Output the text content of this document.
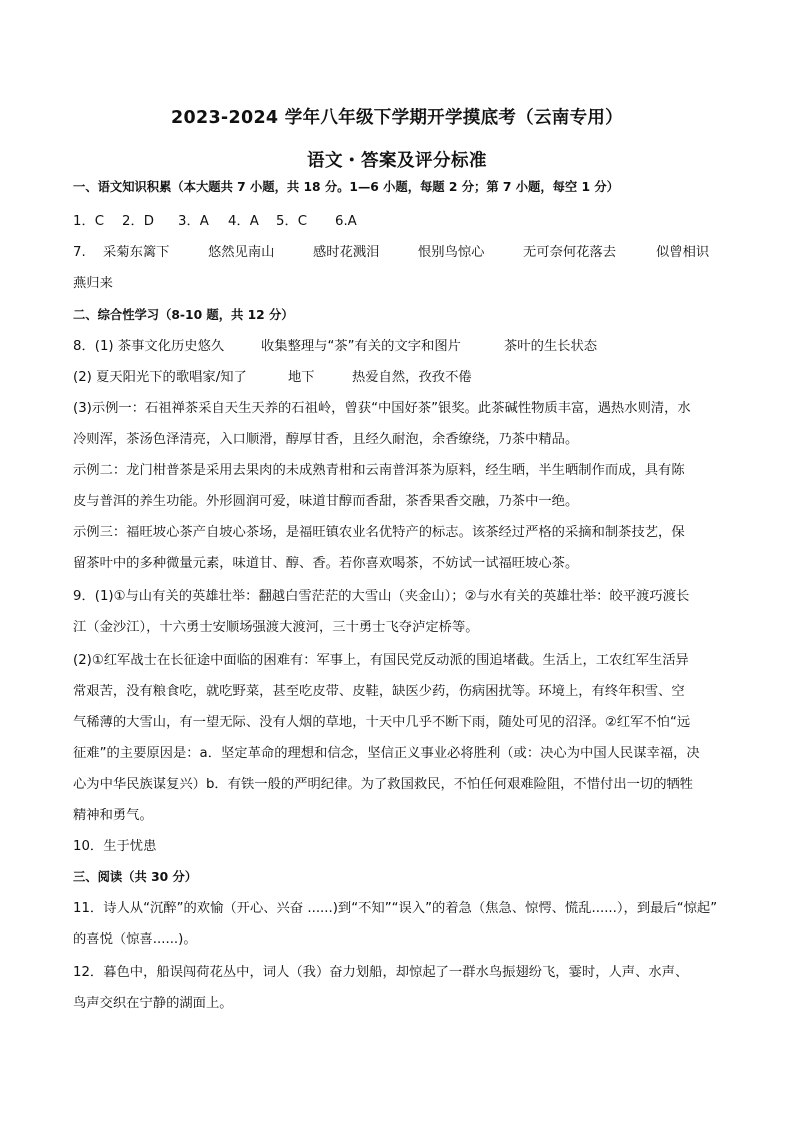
2023-2024 学年八年级下学期开学摸底考（云南专用）
语文・答案及评分标准
一、语文知识积累（本大题共 7 小题，共 18 分。1—6 小题，每题 2 分；第 7 小题，每空 1 分）
1．C 2．D 3．A 4．A 5．C 6.A
7. 采菊东篱下	悠然见南山	感时花溅泪	恨别鸟惊心	无可奈何花落去	似曾相识
燕归来
二、综合性学习（8-10 题，共 12 分）
8．(1) 茶事文化历史悠久	收集整理与“茶”有关的文字和图片	茶叶的生长状态
(2) 夏天阳光下的歌唱家/知了	地下	热爱自然，孜孜不倦
(3)示例一：石祖禅茶采自天生天养的石祖岭，曾获“中国好茶”银奖。此茶碱性物质丰富，遇热水则清，水
冷则浑，茶汤色泽清亮，入口顺滑，醇厚甘香，且经久耐泡，余香缭绕，乃茶中精品。
示例二：龙门柑普茶是采用去果肉的未成熟青柑和云南普洱茶为原料，经生晒，半生晒制作而成，具有陈
皮与普洱的养生功能。外形圆润可爱，味道甘醇而香甜，茶香果香交融，乃茶中一绝。
示例三：福旺坡心茶产自坡心茶场，是福旺镇农业名优特产的标志。该茶经过严格的采摘和制茶技艺，保
留茶叶中的多种微量元素，味道甘、醇、香。若你喜欢喝茶，不妨试一试福旺坡心茶。
9．(1)①与山有关的英雄壮举：翻越白雪茫茫的大雪山（夹金山）；②与水有关的英雄壮举：皎平渡巧渡长
江（金沙江），十六勇士安顺场强渡大渡河，三十勇士飞夺泸定桥等。
(2)①红军战士在长征途中面临的困难有：军事上，有国民党反动派的围追堵截。生活上，工农红军生活异
常艰苦，没有粮食吃，就吃野菜，甚至吃皮带、皮鞋，缺医少药，伤病困扰等。环境上，有终年积雪、空
气稀薄的大雪山，有一望无际、没有人烟的草地，十天中几乎不断下雨，随处可见的沼泽。②红军不怕“远
征难”的主要原因是：a．坚定革命的理想和信念，坚信正义事业必将胜利（或：决心为中国人民谋幸福，决
心为中华民族谋复兴）b．有铁一般的严明纪律。为了救国救民，不怕任何艰难险阻，不惜付出一切的牺牲
精神和勇气。
10．生于忧患
三、阅读（共 30 分）
11．诗人从“沉醉”的欢愉（开心、兴奋 ......)到“不知”“误入”的着急（焦急、惊愕、慌乱......），到最后“惊起”
的喜悦（惊喜......)。
12．暮色中，船误闯荷花丛中，词人（我）奋力划船，却惊起了一群水鸟振翅纷飞，霎时，人声、水声、
鸟声交织在宁静的湖面上。
